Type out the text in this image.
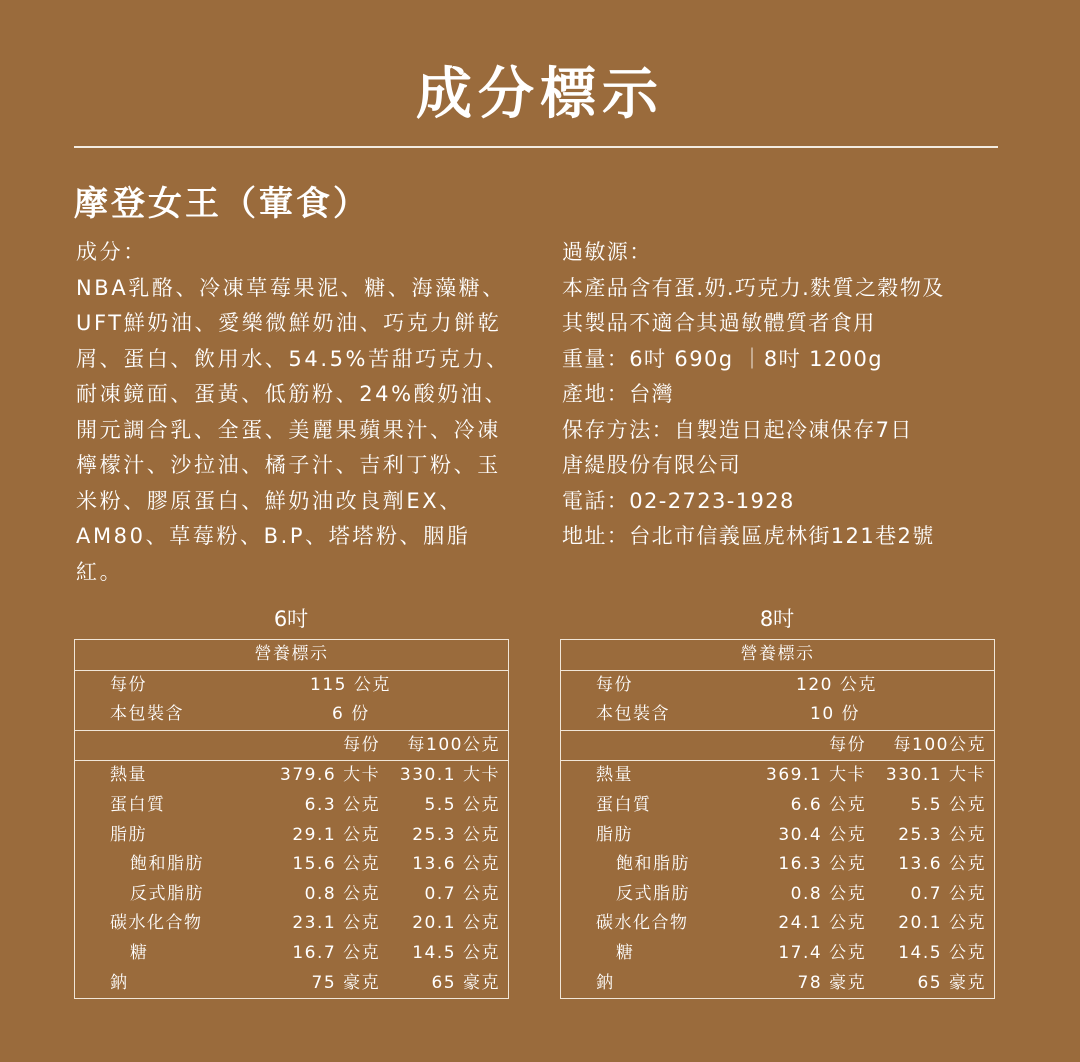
成分標示
摩登女王（葷食）
成分：
NBA乳酪、冷凍草莓果泥、糖、海藻糖、UFT鮮奶油、愛樂微鮮奶油、巧克力餅乾屑、蛋白、飲用水、54.5%苦甜巧克力、耐凍鏡面、蛋黃、低筋粉、24%酸奶油、開元調合乳、全蛋、美麗果蘋果汁、冷凍檸檬汁、沙拉油、橘子汁、吉利丁粉、玉米粉、膠原蛋白、鮮奶油改良劑EX、AM80、草莓粉、B.P、塔塔粉、胭脂紅。
過敏源：
本產品含有蛋.奶.巧克力.麩質之穀物及
其製品不適合其過敏體質者食用
重量：6吋 690g ｜8吋 1200g
產地：台灣
保存方法：自製造日起冷凍保存7日
唐緹股份有限公司
電話：02-2723-1928
地址：台北市信義區虎林街121巷2號
6吋
營養標示		
每份	115 公克	
本包裝含	6 份	
	每份	每100公克
熱量	379.6 大卡	330.1 大卡
蛋白質	6.3 公克	5.5 公克
脂肪	29.1 公克	25.3 公克
飽和脂肪	15.6 公克	13.6 公克
反式脂肪	0.8 公克	0.7 公克
碳水化合物	23.1 公克	20.1 公克
糖	16.7 公克	14.5 公克
鈉	75 豪克	65 豪克
8吋
營養標示		
每份	120 公克	
本包裝含	10 份	
	每份	每100公克
熱量	369.1 大卡	330.1 大卡
蛋白質	6.6 公克	5.5 公克
脂肪	30.4 公克	25.3 公克
飽和脂肪	16.3 公克	13.6 公克
反式脂肪	0.8 公克	0.7 公克
碳水化合物	24.1 公克	20.1 公克
糖	17.4 公克	14.5 公克
鈉	78 豪克	65 豪克
